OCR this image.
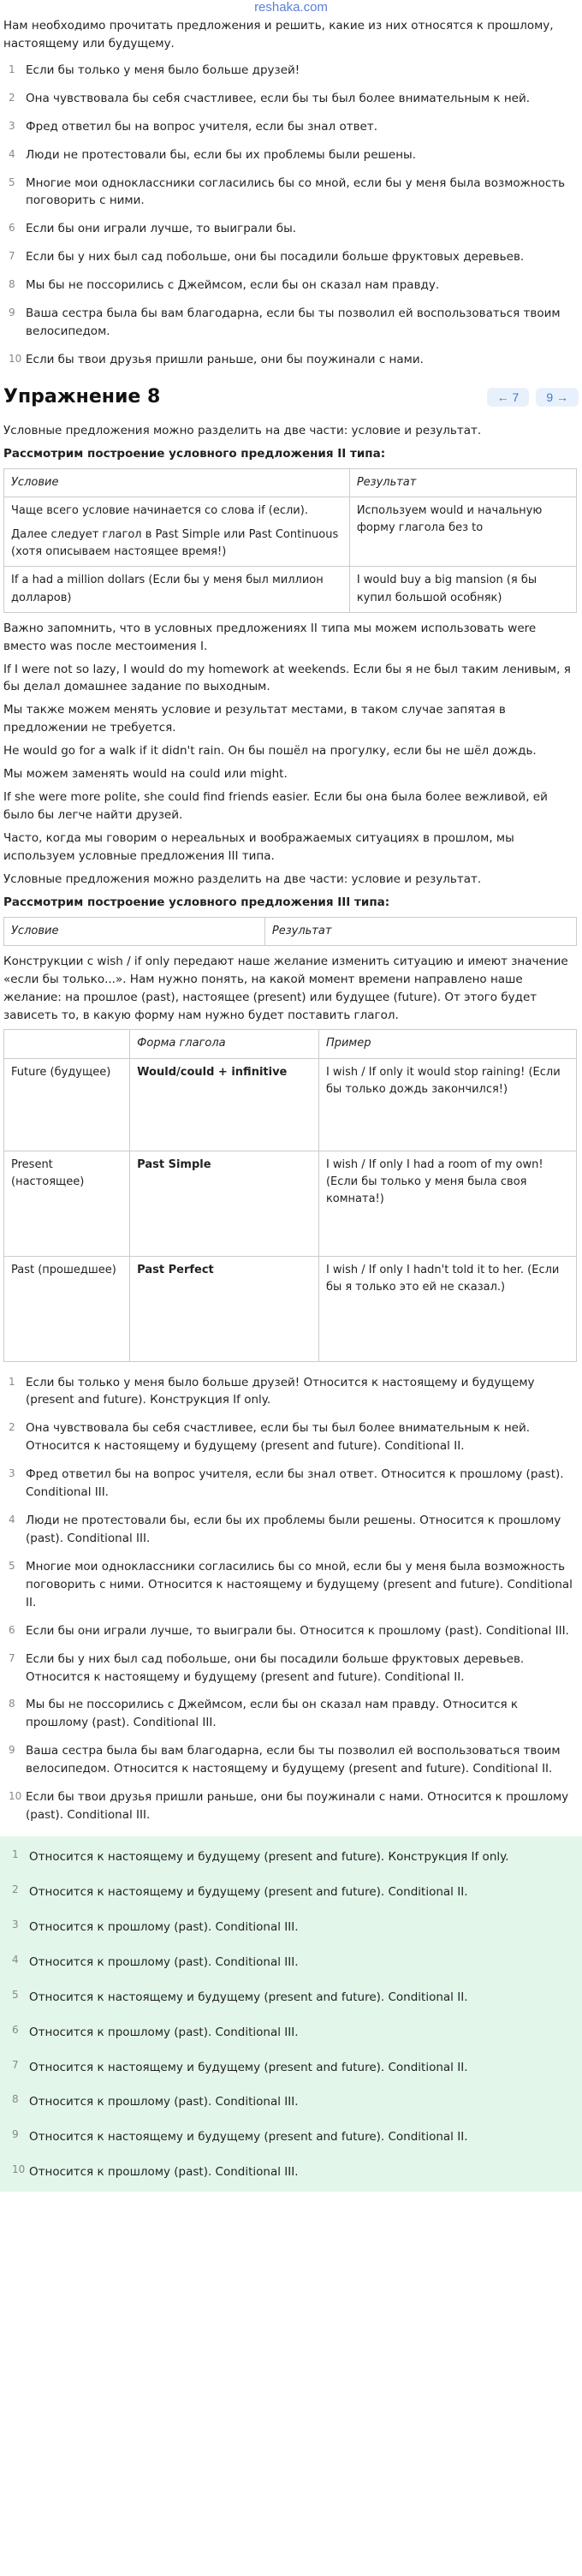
reshaka.com

Нам необходимо прочитать предложения и решить, какие из них относятся к прошлому, настоящему или будущему.

1 Если бы только у меня было больше друзей!
2 Она чувствовала бы себя счастливее, если бы ты был более внимательным к ней.
3 Фред ответил бы на вопрос учителя, если бы знал ответ.
4 Люди не протестовали бы, если бы их проблемы были решены.
5 Многие мои одноклассники согласились бы со мной, если бы у меня была возможность поговорить с ними.
6 Если бы они играли лучше, то выиграли бы.
7 Если бы у них был сад побольше, они бы посадили больше фруктовых деревьев.
8 Мы бы не поссорились с Джеймсом, если бы он сказал нам правду.
9 Ваша сестра была бы вам благодарна, если бы ты позволил ей воспользоваться твоим велосипедом.
10 Если бы твои друзья пришли раньше, они бы поужинали с нами.
Упражнение 8	← 7	9 →

Условные предложения можно разделить на две части: условие и результат.

Рассмотрим построение условного предложения II типа:

Условие	Результат

Чаще всего условие начинается со слова if (если).
Далее следует глагол в Past Simple или Past Continuous (хотя описываем настоящее время!)	Используем would и начальную форму глагола без to
If a had a million dollars (Если бы у меня был миллион долларов)	I would buy a big mansion (я бы купил большой особняк)

Важно запомнить, что в условных предложениях II типа мы можем использовать were вместо was после местоимения I.

If I were not so lazy, I would do my homework at weekends. Если бы я не был таким ленивым, я бы делал домашнее задание по выходным.

Мы также можем менять условие и результат местами, в таком случае запятая в предложении не требуется.

He would go for a walk if it didn't rain. Он бы пошёл на прогулку, если бы не шёл дождь.

Мы можем заменять would на could или might.

If she were more polite, she could find friends easier. Если бы она была более вежливой, ей было бы легче найти друзей.

Часто, когда мы говорим о нереальных и воображаемых ситуациях в прошлом, мы используем условные предложения III типа.

Условные предложения можно разделить на две части: условие и результат.

Рассмотрим построение условного предложения III типа:

Условие	Результат

Конструкции с wish / if only передают наше желание изменить ситуацию и имеют значение «если бы только...». Нам нужно понять, на какой момент времени направлено наше желание: на прошлое (past), настоящее (present) или будущее (future). От этого будет зависеть то, в какую форму нам нужно будет поставить глагол.

	Форма глагола	Пример
Future (будущее)	Would/could + infinitive	I wish / If only it would stop raining! (Если бы только дождь закончился!)
Present (настоящее)	Past Simple	I wish / If only I had a room of my own! (Если бы только у меня была своя комната!)
Past (прошедшее)	Past Perfect	I wish / If only I hadn't told it to her. (Если бы я только это ей не сказал.)
1 Если бы только у меня было больше друзей! Относится к настоящему и будущему (present and future). Конструкция If only.
2 Она чувствовала бы себя счастливее, если бы ты был более внимательным к ней. Относится к настоящему и будущему (present and future). Conditional II.
3 Фред ответил бы на вопрос учителя, если бы знал ответ. Относится к прошлому (past). Conditional III.
4 Люди не протестовали бы, если бы их проблемы были решены. Относится к прошлому (past). Conditional III.
5 Многие мои одноклассники согласились бы со мной, если бы у меня была возможность поговорить с ними. Относится к настоящему и будущему (present and future). Conditional II.
6 Если бы они играли лучше, то выиграли бы. Относится к прошлому (past). Conditional III.
7 Если бы у них был сад побольше, они бы посадили больше фруктовых деревьев. Относится к настоящему и будущему (present and future). Conditional II.
8 Мы бы не поссорились с Джеймсом, если бы он сказал нам правду. Относится к прошлому (past). Conditional III.
9 Ваша сестра была бы вам благодарна, если бы ты позволил ей воспользоваться твоим велосипедом. Относится к настоящему и будущему (present and future). Conditional II.
10 Если бы твои друзья пришли раньше, они бы поужинали с нами. Относится к прошлому (past). Conditional III.
1 Относится к настоящему и будущему (present and future). Конструкция If only.
2 Относится к настоящему и будущему (present and future). Conditional II.
3 Относится к прошлому (past). Conditional III.
4 Относится к прошлому (past). Conditional III.
5 Относится к настоящему и будущему (present and future). Conditional II.
6 Относится к прошлому (past). Conditional III.
7 Относится к настоящему и будущему (present and future). Conditional II.
8 Относится к прошлому (past). Conditional III.
9 Относится к настоящему и будущему (present and future). Conditional II.
10 Относится к прошлому (past). Conditional III.
